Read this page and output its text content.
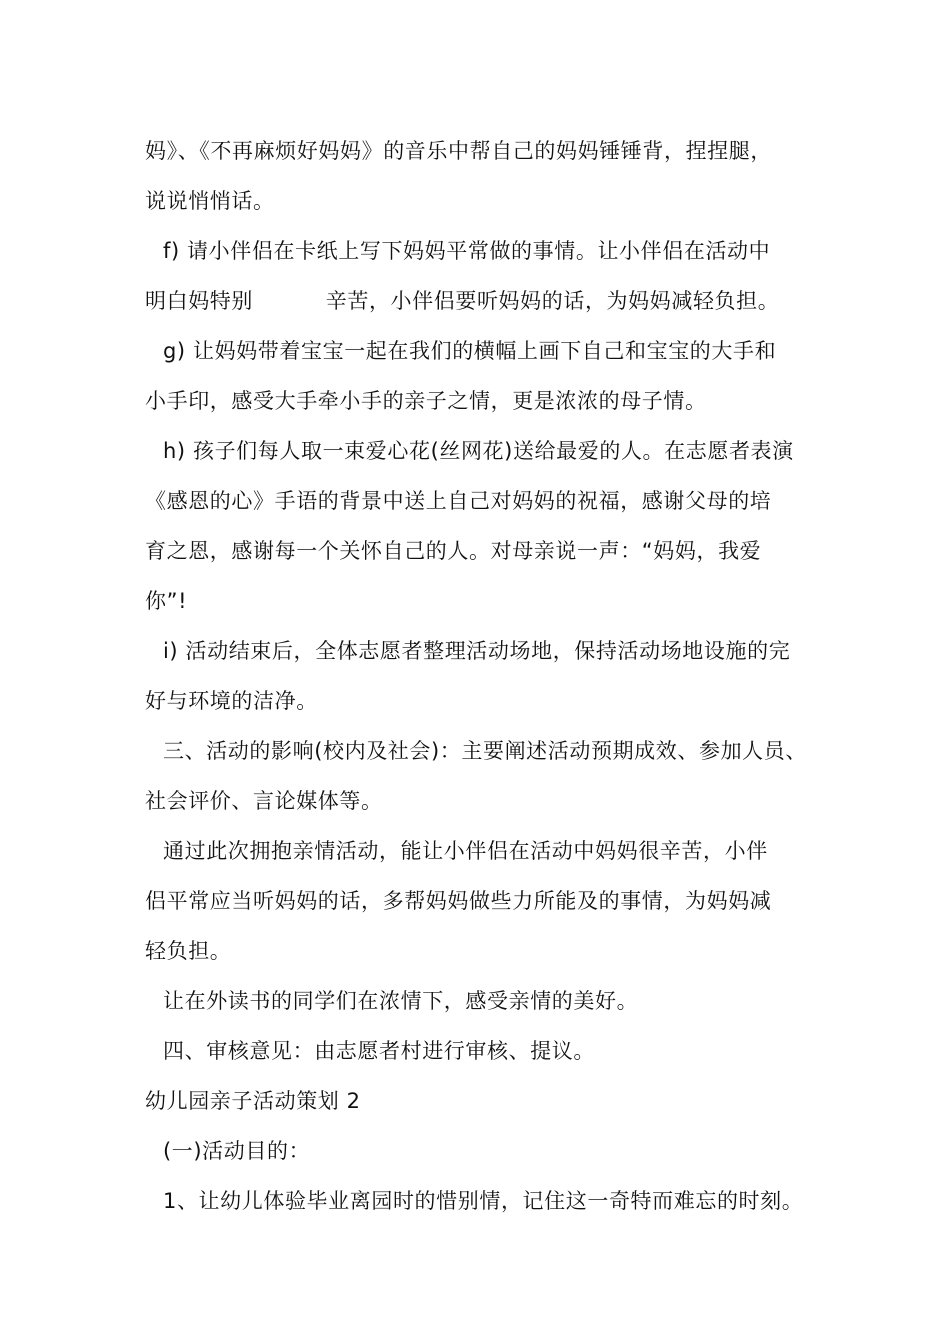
妈》、《不再麻烦好妈妈》的音乐中帮自己的妈妈锤锤背，捏捏腿，
说说悄悄话。
f) 请小伴侣在卡纸上写下妈妈平常做的事情。让小伴侣在活动中
明白妈特别          辛苦，小伴侣要听妈妈的话，为妈妈减轻负担。
g) 让妈妈带着宝宝一起在我们的横幅上画下自己和宝宝的大手和
小手印，感受大手牵小手的亲子之情，更是浓浓的母子情。
h) 孩子们每人取一束爱心花(丝网花)送给最爱的人。在志愿者表演
《感恩的心》手语的背景中送上自己对妈妈的祝福，感谢父母的培
育之恩，感谢每一个关怀自己的人。对母亲说一声：“妈妈，我爱
你”!
i) 活动结束后，全体志愿者整理活动场地，保持活动场地设施的完
好与环境的洁净。
三、活动的影响(校内及社会)：主要阐述活动预期成效、参加人员、
社会评价、言论媒体等。
通过此次拥抱亲情活动，能让小伴侣在活动中妈妈很辛苦，小伴
侣平常应当听妈妈的话，多帮妈妈做些力所能及的事情，为妈妈减
轻负担。
让在外读书的同学们在浓情下，感受亲情的美好。
四、审核意见：由志愿者村进行审核、提议。
幼儿园亲子活动策划 2
(一)活动目的：
1、让幼儿体验毕业离园时的惜别情，记住这一奇特而难忘的时刻。
